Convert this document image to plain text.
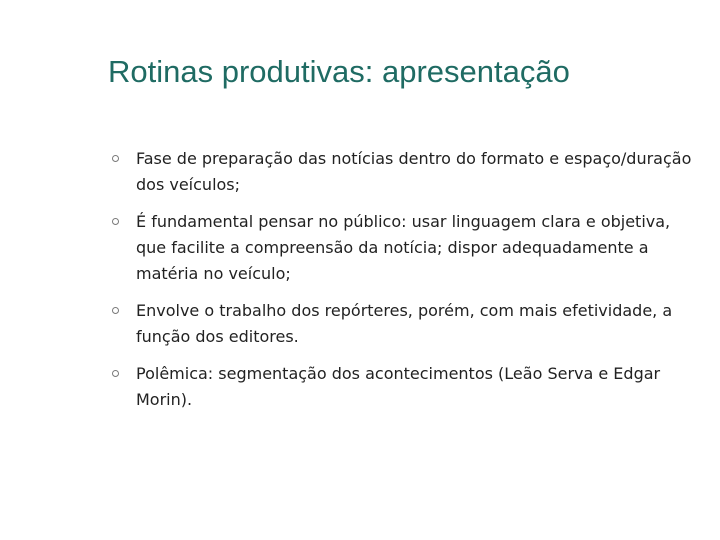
Rotinas produtivas: apresentação
Fase de preparação das notícias dentro do formato e espaço/duração dos veículos;
É fundamental pensar no público: usar linguagem clara e objetiva, que facilite a compreensão da notícia; dispor adequadamente a matéria no veículo;
Envolve o trabalho dos repórteres, porém, com mais efetividade, a função dos editores.
Polêmica: segmentação dos acontecimentos (Leão Serva e Edgar Morin).
